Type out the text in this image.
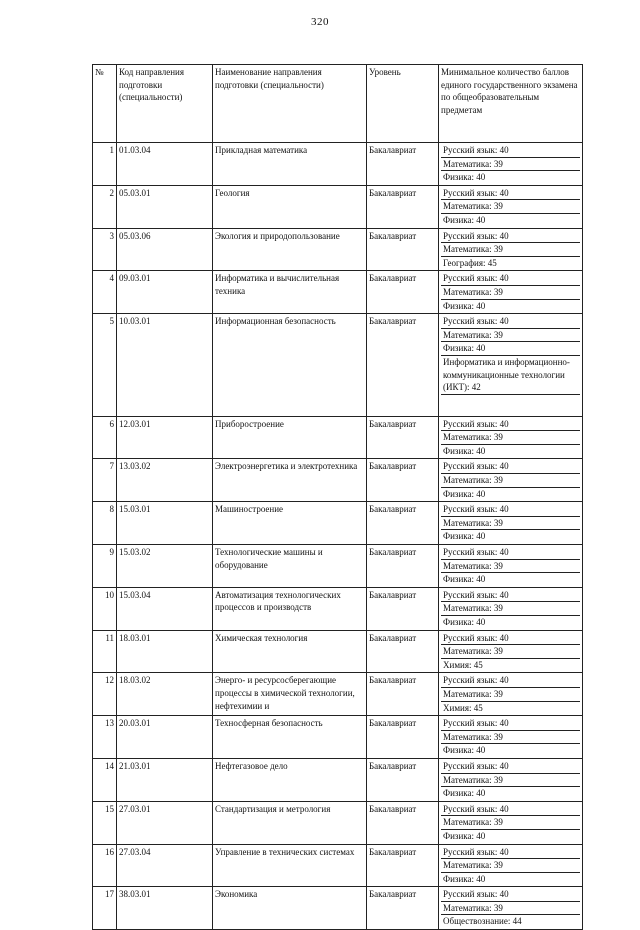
320
№	Код направления подготовки (специальности)	Наименование направления подготовки (специальности)	Уровень	Минимальное количество баллов единого государственного экзамена по общеобразовательным предметам
1	01.03.04	Прикладная математика	Бакалавриат	Русский язык: 40
Математика: 39
Физика: 40

2	05.03.01	Геология	Бакалавриат	Русский язык: 40
Математика: 39
Физика: 40

3	05.03.06	Экология и природопользование	Бакалавриат	Русский язык: 40
Математика: 39
География: 45

4	09.03.01	Информатика и вычислительная техника	Бакалавриат	Русский язык: 40
Математика: 39
Физика: 40

5	10.03.01	Информационная безопасность	Бакалавриат	Русский язык: 40
Математика: 39
Физика: 40
Информатика и информационно-коммуникационные технологии (ИКТ): 42

6	12.03.01	Приборостроение	Бакалавриат	Русский язык: 40
Математика: 39
Физика: 40

7	13.03.02	Электроэнергетика и электротехника	Бакалавриат	Русский язык: 40
Математика: 39
Физика: 40

8	15.03.01	Машиностроение	Бакалавриат	Русский язык: 40
Математика: 39
Физика: 40

9	15.03.02	Технологические машины и оборудование	Бакалавриат	Русский язык: 40
Математика: 39
Физика: 40

10	15.03.04	Автоматизация технологических процессов и производств	Бакалавриат	Русский язык: 40
Математика: 39
Физика: 40

11	18.03.01	Химическая технология	Бакалавриат	Русский язык: 40
Математика: 39
Химия: 45

12	18.03.02	Энерго- и ресурсосберегающие процессы в химической технологии, нефтехимии и	Бакалавриат	Русский язык: 40
Математика: 39
Химия: 45

13	20.03.01	Техносферная безопасность	Бакалавриат	Русский язык: 40
Математика: 39
Физика: 40

14	21.03.01	Нефтегазовое дело	Бакалавриат	Русский язык: 40
Математика: 39
Физика: 40

15	27.03.01	Стандартизация и метрология	Бакалавриат	Русский язык: 40
Математика: 39
Физика: 40

16	27.03.04	Управление в технических системах	Бакалавриат	Русский язык: 40
Математика: 39
Физика: 40

17	38.03.01	Экономика	Бакалавриат	Русский язык: 40
Математика: 39
Обществознание: 44
